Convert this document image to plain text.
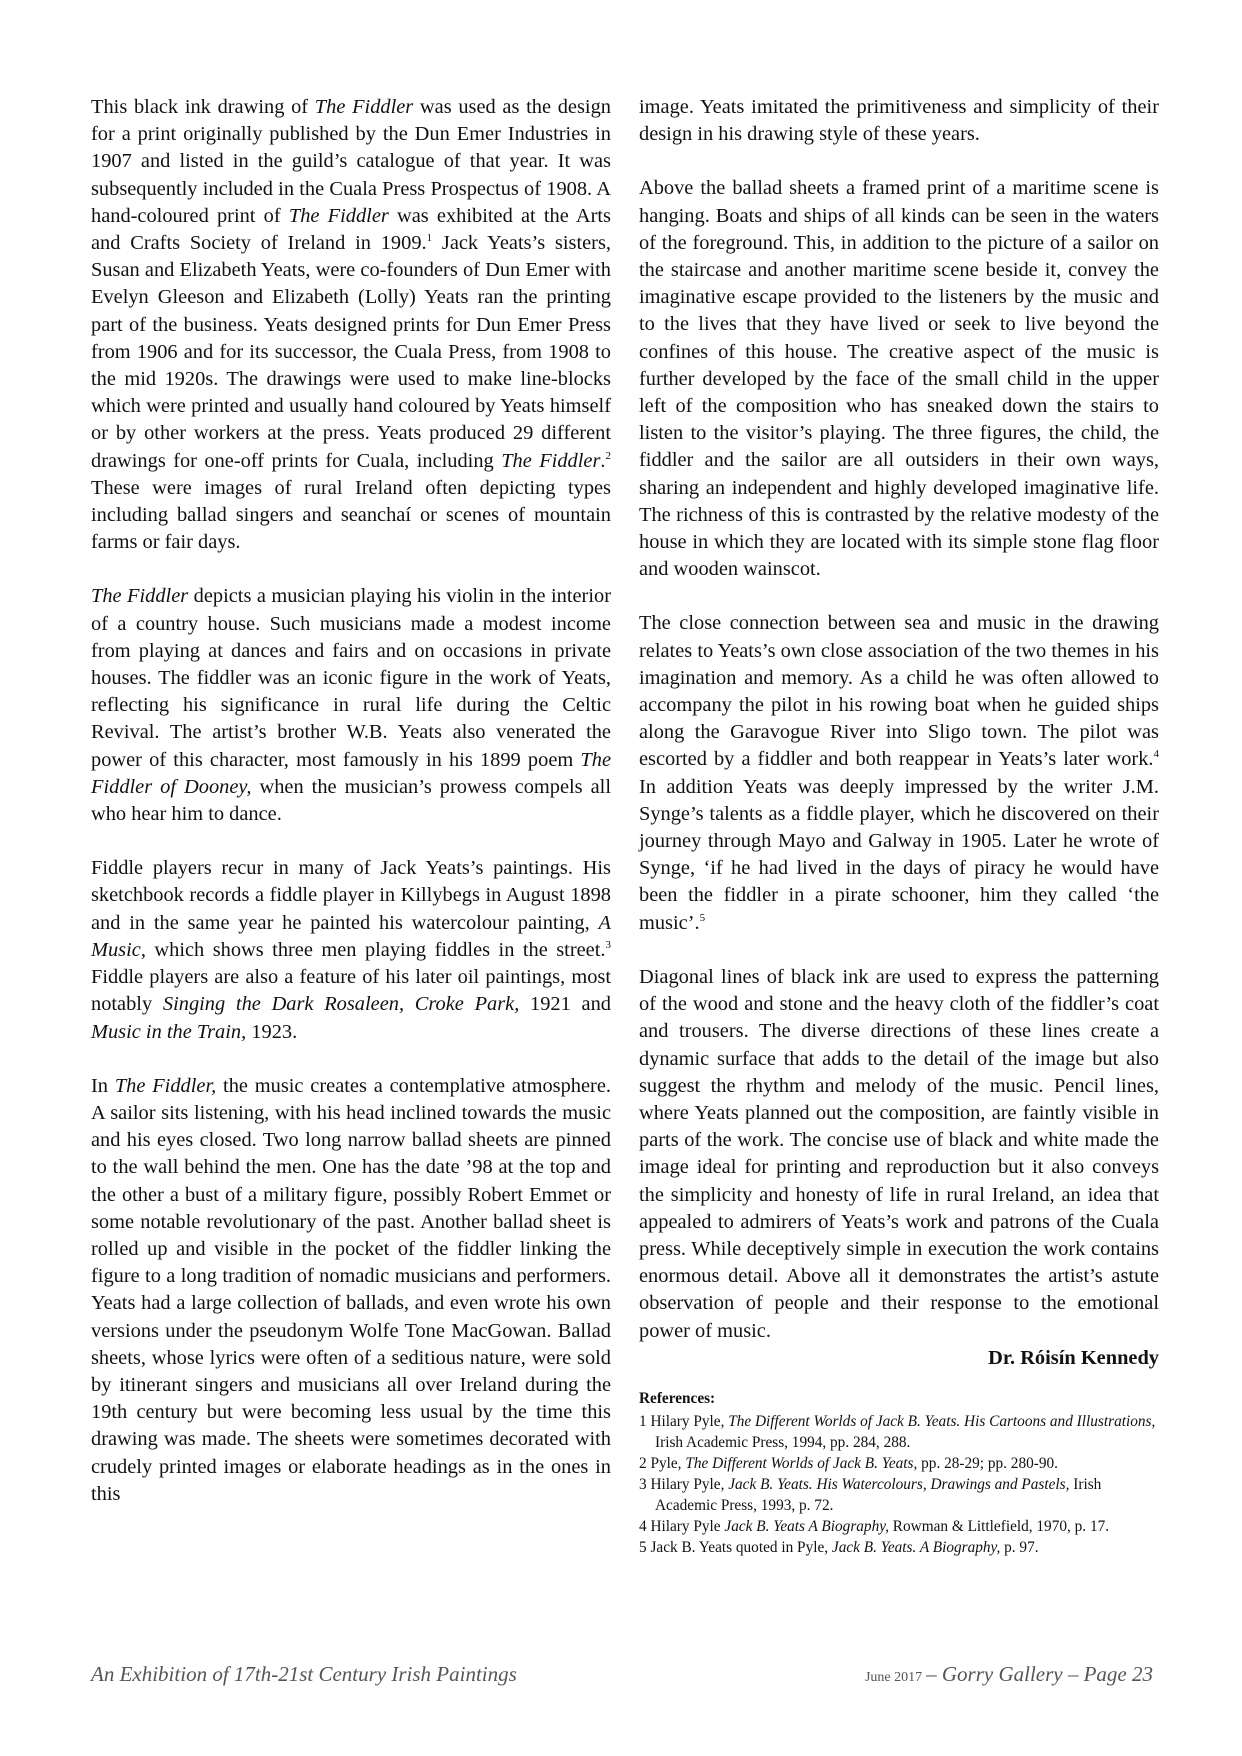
This black ink drawing of The Fiddler was used as the design for a print originally published by the Dun Emer Industries in 1907 and listed in the guild’s catalogue of that year. It was subsequently included in the Cuala Press Prospectus of 1908. A hand-coloured print of The Fiddler was exhibited at the Arts and Crafts Society of Ireland in 1909.$^1$ Jack Yeats’s sisters, Susan and Elizabeth Yeats, were co-founders of Dun Emer with Evelyn Gleeson and Elizabeth (Lolly) Yeats ran the printing part of the business. Yeats designed prints for Dun Emer Press from 1906 and for its successor, the Cuala Press, from 1908 to the mid 1920s. The drawings were used to make line-blocks which were printed and usually hand coloured by Yeats himself or by other workers at the press. Yeats produced 29 different drawings for one-off prints for Cuala, including The Fiddler.$^2$ These were images of rural Ireland often depicting types including ballad singers and seanchaí or scenes of mountain farms or fair days.

The Fiddler depicts a musician playing his violin in the interior of a country house. Such musicians made a modest income from playing at dances and fairs and on occasions in private houses. The fiddler was an iconic figure in the work of Yeats, reflecting his significance in rural life during the Celtic Revival. The artist’s brother W.B. Yeats also venerated the power of this character, most famously in his 1899 poem The Fiddler of Dooney, when the musician’s prowess compels all who hear him to dance.

Fiddle players recur in many of Jack Yeats’s paintings. His sketchbook records a fiddle player in Killybegs in August 1898 and in the same year he painted his watercolour painting, A Music, which shows three men playing fiddles in the street.$^3$ Fiddle players are also a feature of his later oil paintings, most notably Singing the Dark Rosaleen, Croke Park, 1921 and Music in the Train, 1923.

In The Fiddler, the music creates a contemplative atmosphere. A sailor sits listening, with his head inclined towards the music and his eyes closed. Two long narrow ballad sheets are pinned to the wall behind the men. One has the date ’98 at the top and the other a bust of a military figure, possibly Robert Emmet or some notable revolutionary of the past. Another ballad sheet is rolled up and visible in the pocket of the fiddler linking the figure to a long tradition of nomadic musicians and performers. Yeats had a large collection of ballads, and even wrote his own versions under the pseudonym Wolfe Tone MacGowan. Ballad sheets, whose lyrics were often of a seditious nature, were sold by itinerant singers and musicians all over Ireland during the 19th century but were becoming less usual by the time this drawing was made. The sheets were sometimes decorated with crudely printed images or elaborate headings as in the ones in this

image. Yeats imitated the primitiveness and simplicity of their design in his drawing style of these years.

Above the ballad sheets a framed print of a maritime scene is hanging. Boats and ships of all kinds can be seen in the waters of the foreground. This, in addition to the picture of a sailor on the staircase and another maritime scene beside it, convey the imaginative escape provided to the listeners by the music and to the lives that they have lived or seek to live beyond the confines of this house. The creative aspect of the music is further developed by the face of the small child in the upper left of the composition who has sneaked down the stairs to listen to the visitor’s playing. The three figures, the child, the fiddler and the sailor are all outsiders in their own ways, sharing an independent and highly developed imaginative life. The richness of this is contrasted by the relative modesty of the house in which they are located with its simple stone flag floor and wooden wainscot.

The close connection between sea and music in the drawing relates to Yeats’s own close association of the two themes in his imagination and memory. As a child he was often allowed to accompany the pilot in his rowing boat when he guided ships along the Garavogue River into Sligo town. The pilot was escorted by a fiddler and both reappear in Yeats’s later work.$^4$ In addition Yeats was deeply impressed by the writer J.M. Synge’s talents as a fiddle player, which he discovered on their journey through Mayo and Galway in 1905. Later he wrote of Synge, ‘if he had lived in the days of piracy he would have been the fiddler in a pirate schooner, him they called ‘the music’.$^5$

Diagonal lines of black ink are used to express the patterning of the wood and stone and the heavy cloth of the fiddler’s coat and trousers. The diverse directions of these lines create a dynamic surface that adds to the detail of the image but also suggest the rhythm and melody of the music. Pencil lines, where Yeats planned out the composition, are faintly visible in parts of the work. The concise use of black and white made the image ideal for printing and reproduction but it also conveys the simplicity and honesty of life in rural Ireland, an idea that appealed to admirers of Yeats’s work and patrons of the Cuala press. While deceptively simple in execution the work contains enormous detail. Above all it demonstrates the artist’s astute observation of people and their response to the emotional power of music.

Dr. Róisín Kennedy
References:
1 Hilary Pyle, The Different Worlds of Jack B. Yeats. His Cartoons and Illustrations, Irish Academic Press, 1994, pp. 284, 288.
2 Pyle, The Different Worlds of Jack B. Yeats, pp. 28-29; pp. 280-90.
3 Hilary Pyle, Jack B. Yeats. His Watercolours, Drawings and Pastels, Irish Academic Press, 1993, p. 72.
4 Hilary Pyle Jack B. Yeats A Biography, Rowman & Littlefield, 1970, p. 17.
5 Jack B. Yeats quoted in Pyle, Jack B. Yeats. A Biography, p. 97.
An Exhibition of 17th-21st Century Irish Paintings	June 2017 – Gorry Gallery – Page 23
